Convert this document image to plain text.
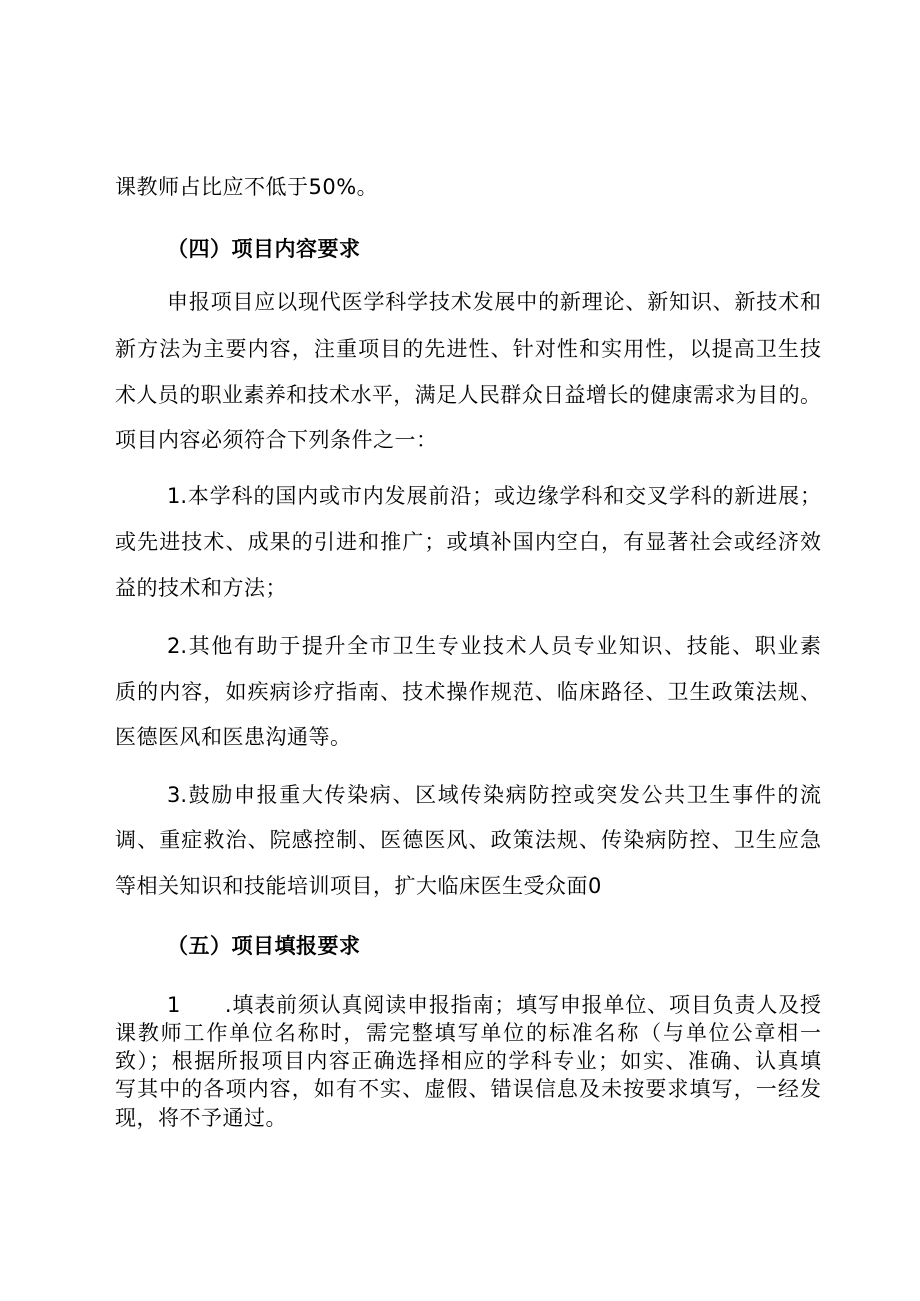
课教师占比应不低于50%。
（四）项目内容要求
申报项目应以现代医学科学技术发展中的新理论、新知识、新技术和
新方法为主要内容，注重项目的先进性、针对性和实用性，以提高卫生技
术人员的职业素养和技术水平，满足人民群众日益增长的健康需求为目的。
项目内容必须符合下列条件之一：
1.本学科的国内或市内发展前沿；或边缘学科和交叉学科的新进展；
或先进技术、成果的引进和推广；或填补国内空白，有显著社会或经济效
益的技术和方法；
2.其他有助于提升全市卫生专业技术人员专业知识、技能、职业素
质的内容，如疾病诊疗指南、技术操作规范、临床路径、卫生政策法规、
医德医风和医患沟通等。
3.鼓励申报重大传染病、区域传染病防控或突发公共卫生事件的流
调、重症救治、院感控制、医德医风、政策法规、传染病防控、卫生应急
等相关知识和技能培训项目，扩大临床医生受众面0
（五）项目填报要求
1　　.填表前须认真阅读申报指南；填写申报单位、项目负责人及授
课教师工作单位名称时，需完整填写单位的标准名称（与单位公章相一
致）；根据所报项目内容正确选择相应的学科专业；如实、准确、认真填
写其中的各项内容，如有不实、虚假、错误信息及未按要求填写，一经发
现，将不予通过。
